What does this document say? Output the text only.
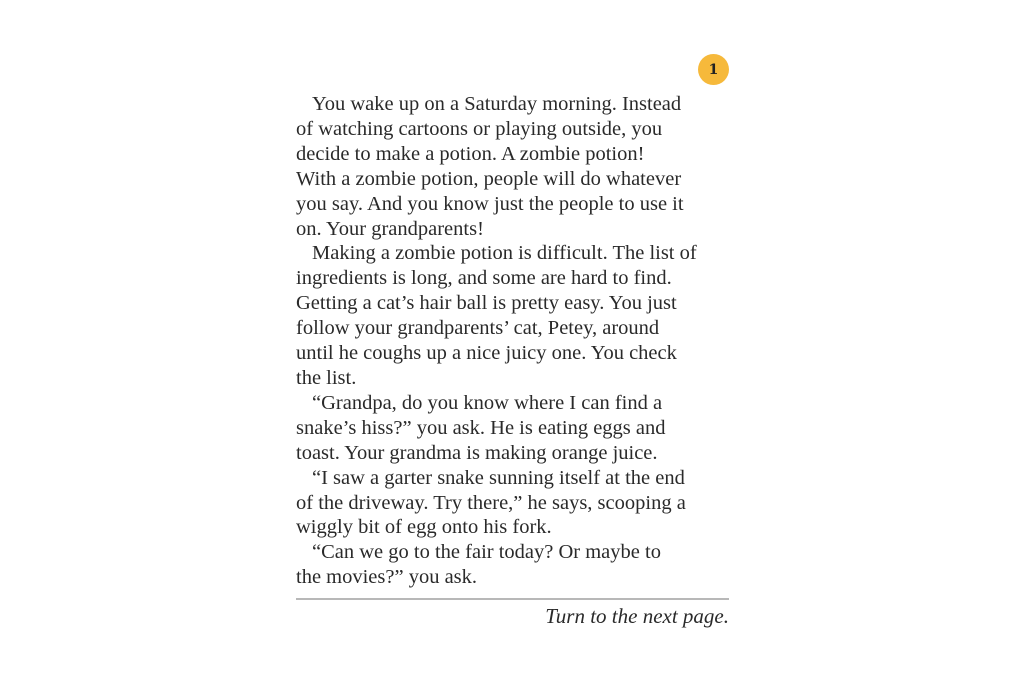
1
You wake up on a Saturday morning. Instead
of watching cartoons or playing outside, you
decide to make a potion. A zombie potion!
With a zombie potion, people will do whatever
you say. And you know just the people to use it
on. Your grandparents!
Making a zombie potion is difficult. The list of
ingredients is long, and some are hard to find.
Getting a cat’s hair ball is pretty easy. You just
follow your grandparents’ cat, Petey, around
until he coughs up a nice juicy one. You check
the list.
“Grandpa, do you know where I can find a
snake’s hiss?” you ask. He is eating eggs and
toast. Your grandma is making orange juice.
“I saw a garter snake sunning itself at the end
of the driveway. Try there,” he says, scooping a
wiggly bit of egg onto his fork.
“Can we go to the fair today? Or maybe to
the movies?” you ask.
Turn to the next page.
